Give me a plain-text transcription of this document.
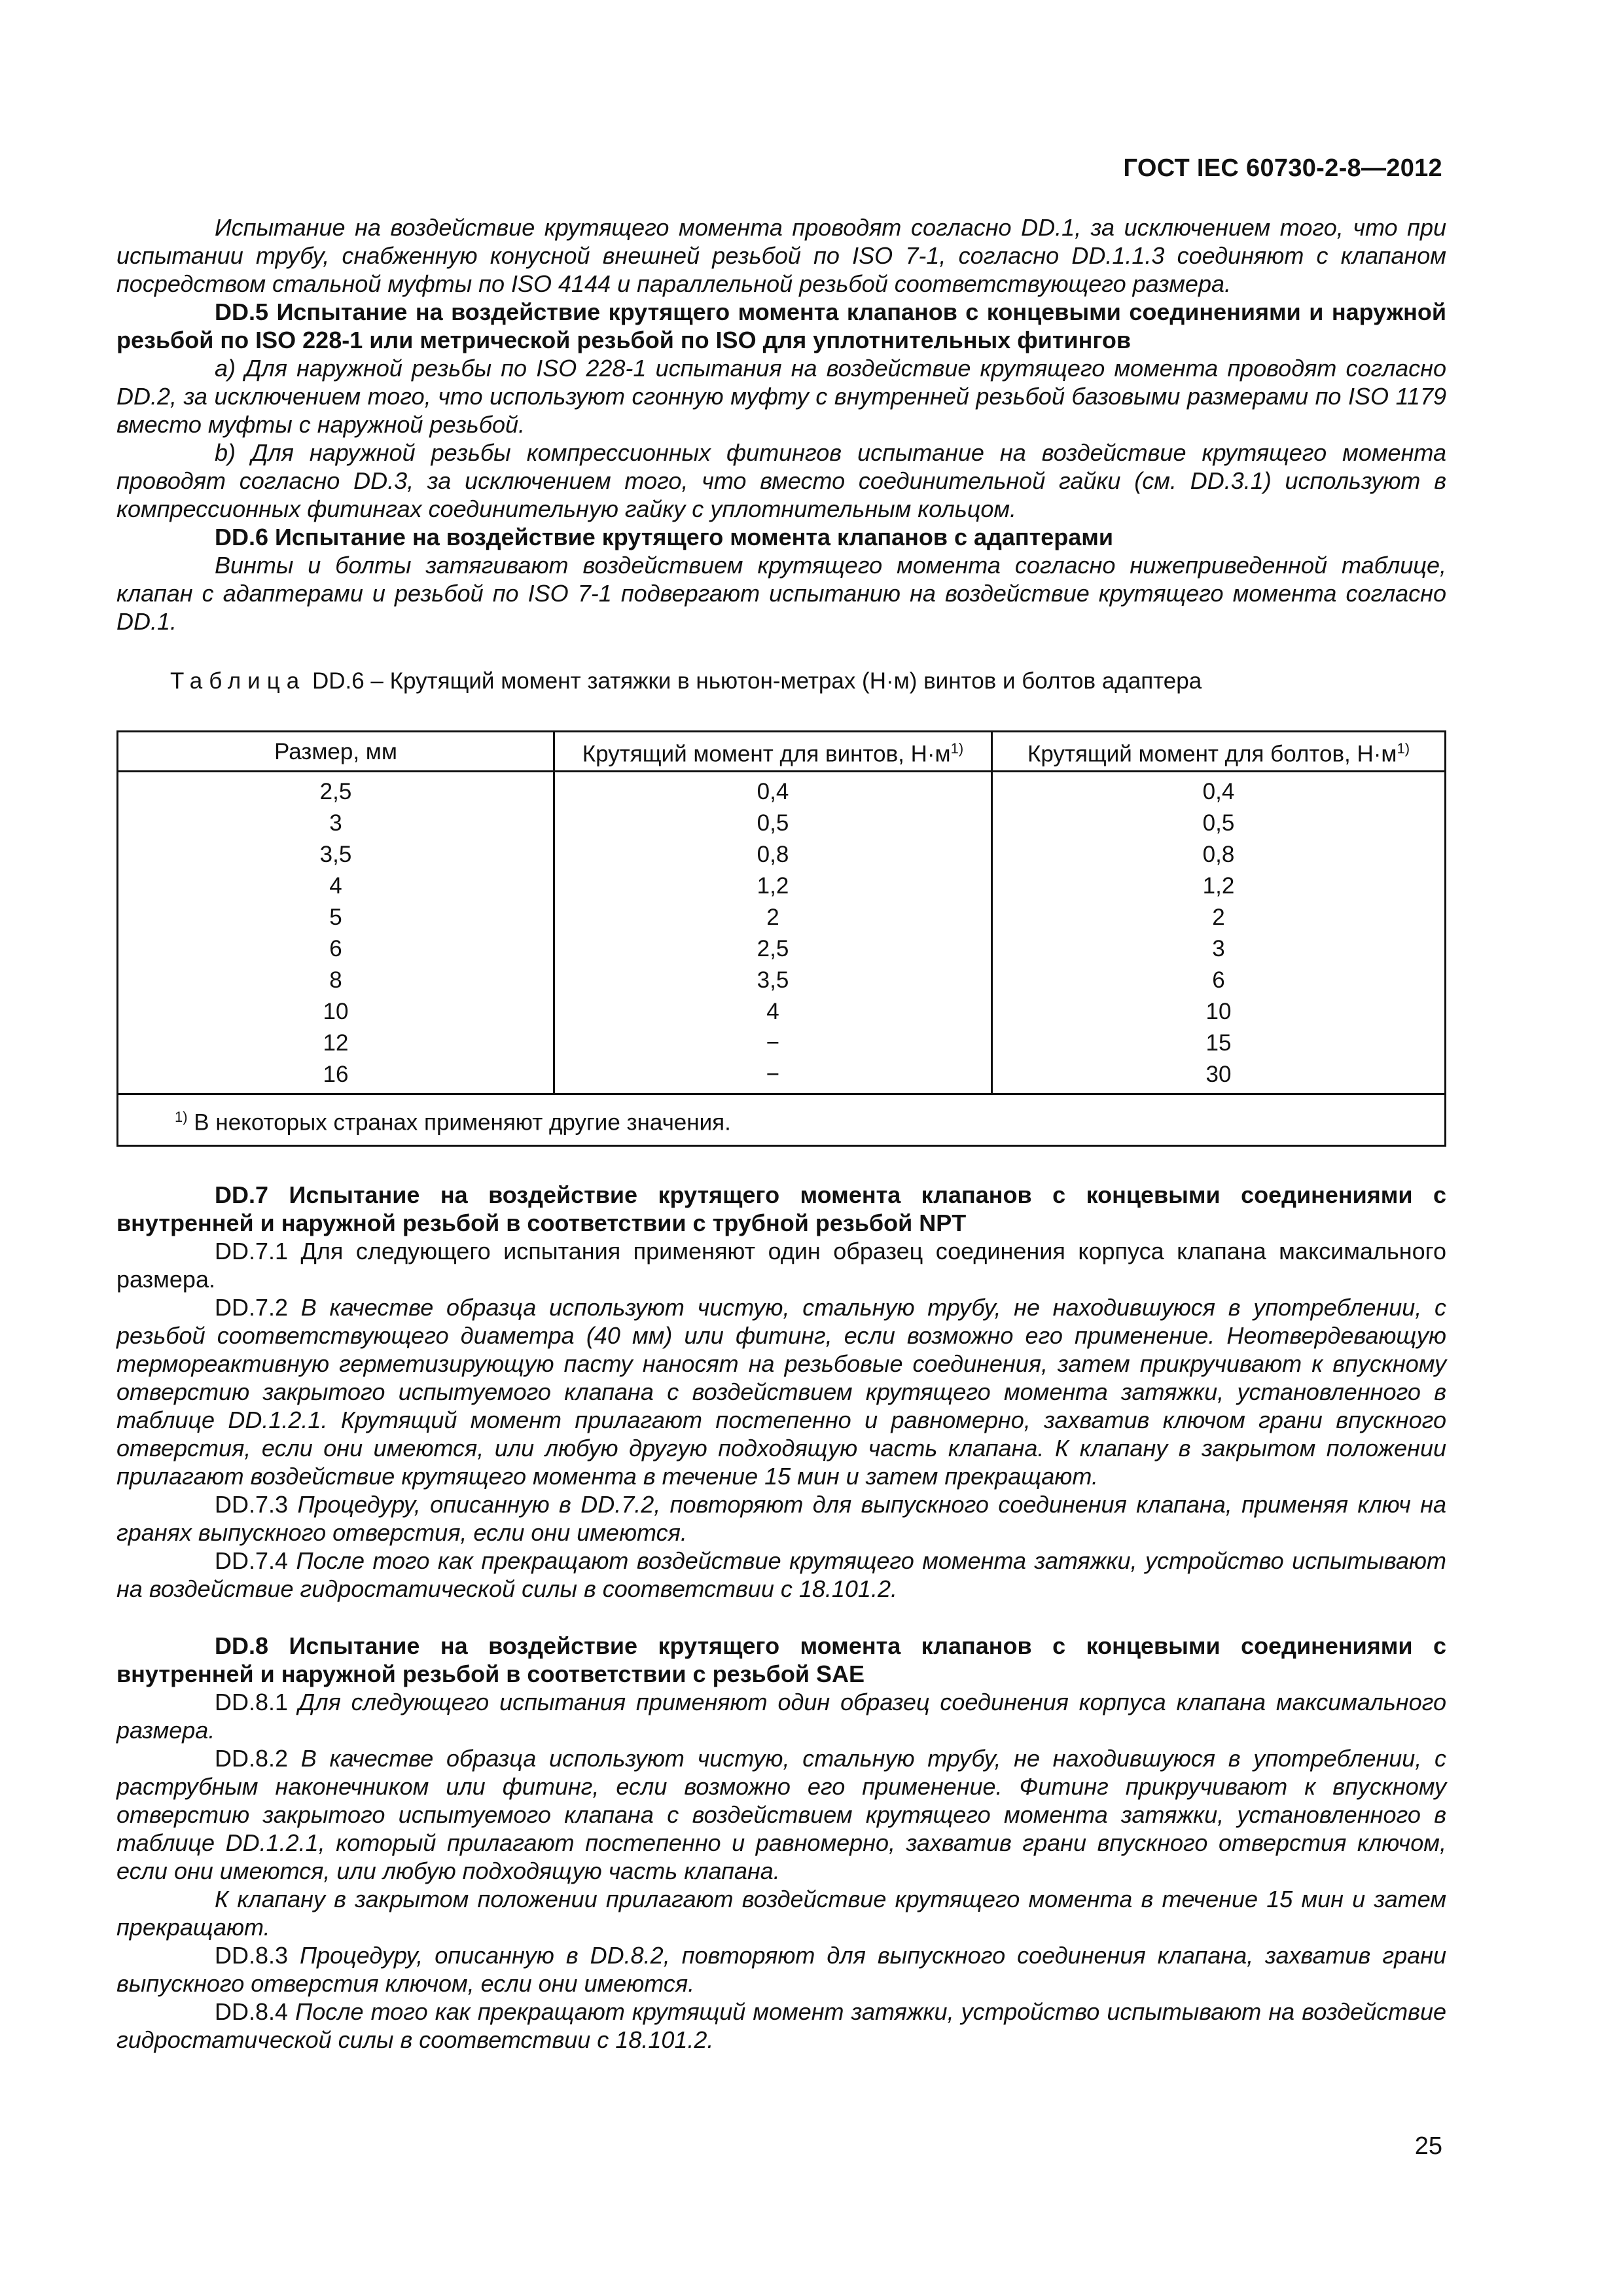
ГОСТ IEC 60730-2-8—2012

Испытание на воздействие крутящего момента проводят согласно DD.1, за исключением того, что при испытании трубу, снабженную конусной внешней резьбой по ISO 7-1, согласно DD.1.1.3 соединяют с клапаном посредством стальной муфты по ISO 4144 и параллельной резьбой соответствующего размера.

DD.5 Испытание на воздействие крутящего момента клапанов с концевыми соединениями и наружной резьбой по ISO 228-1 или метрической резьбой по ISO для уплотнительных фитингов

а) Для наружной резьбы по ISO 228-1 испытания на воздействие крутящего момента проводят согласно DD.2, за исключением того, что используют сгонную муфту с внутренней резьбой базовыми размерами по ISO 1179 вместо муфты с наружной резьбой.

b) Для наружной резьбы компрессионных фитингов испытание на воздействие крутящего момента проводят согласно DD.3, за исключением того, что вместо соединительной гайки (см. DD.3.1) используют в компрессионных фитингах соединительную гайку с уплотнительным кольцом.

DD.6 Испытание на воздействие крутящего момента клапанов с адаптерами

Винты и болты затягивают воздействием крутящего момента согласно нижеприведенной таблице, клапан с адаптерами и резьбой по ISO 7-1 подвергают испытанию на воздействие крутящего момента согласно DD.1.

Таблица DD.6 – Крутящий момент затяжки в ньютон-метрах (Н·м) винтов и болтов адаптера
Размер, мм	Крутящий момент для винтов, $Н\cdot м^{1)}$	Крутящий момент для болтов, $Н\cdot м^{1)}$
2,5	0,4	0,4
3	0,5	0,5
3,5	0,8	0,8
4	1,2	1,2
5	2	2
6	2,5	3
8	3,5	6
10	4	10
12	−	15
16	−	30
$^{1)}$ В некоторых странах применяют другие значения.		

DD.7 Испытание на воздействие крутящего момента клапанов с концевыми соединениями с внутренней и наружной резьбой в соответствии с трубной резьбой NPT

DD.7.1 Для следующего испытания применяют один образец соединения корпуса клапана максимального размера.

DD.7.2 В качестве образца используют чистую, стальную трубу, не находившуюся в употреблении, с резьбой соответствующего диаметра (40 мм) или фитинг, если возможно его применение. Неотвердевающую термореактивную герметизирующую пасту наносят на резьбовые соединения, затем прикручивают к впускному отверстию закрытого испытуемого клапана с воздействием крутящего момента затяжки, установленного в таблице DD.1.2.1. Крутящий момент прилагают постепенно и равномерно, захватив ключом грани впускного отверстия, если они имеются, или любую другую подходящую часть клапана. К клапану в закрытом положении прилагают воздействие крутящего момента в течение 15 мин и затем прекращают.

DD.7.3 Процедуру, описанную в DD.7.2, повторяют для выпускного соединения клапана, применяя ключ на гранях выпускного отверстия, если они имеются.

DD.7.4 После того как прекращают воздействие крутящего момента затяжки, устройство испытывают на воздействие гидростатической силы в соответствии с 18.101.2.

DD.8 Испытание на воздействие крутящего момента клапанов с концевыми соединениями с внутренней и наружной резьбой в соответствии с резьбой SAE

DD.8.1 Для следующего испытания применяют один образец соединения корпуса клапана максимального размера.

DD.8.2 В качестве образца используют чистую, стальную трубу, не находившуюся в употреблении, с раструбным наконечником или фитинг, если возможно его применение. Фитинг прикручивают к впускному отверстию закрытого испытуемого клапана с воздействием крутящего момента затяжки, установленного в таблице DD.1.2.1, который прилагают постепенно и равномерно, захватив грани впускного отверстия ключом, если они имеются, или любую подходящую часть клапана.

К клапану в закрытом положении прилагают воздействие крутящего момента в течение 15 мин и затем прекращают.

DD.8.3 Процедуру, описанную в DD.8.2, повторяют для выпускного соединения клапана, захватив грани выпускного отверстия ключом, если они имеются.

DD.8.4 После того как прекращают крутящий момент затяжки, устройство испытывают на воздействие гидростатической силы в соответствии с 18.101.2.

25
